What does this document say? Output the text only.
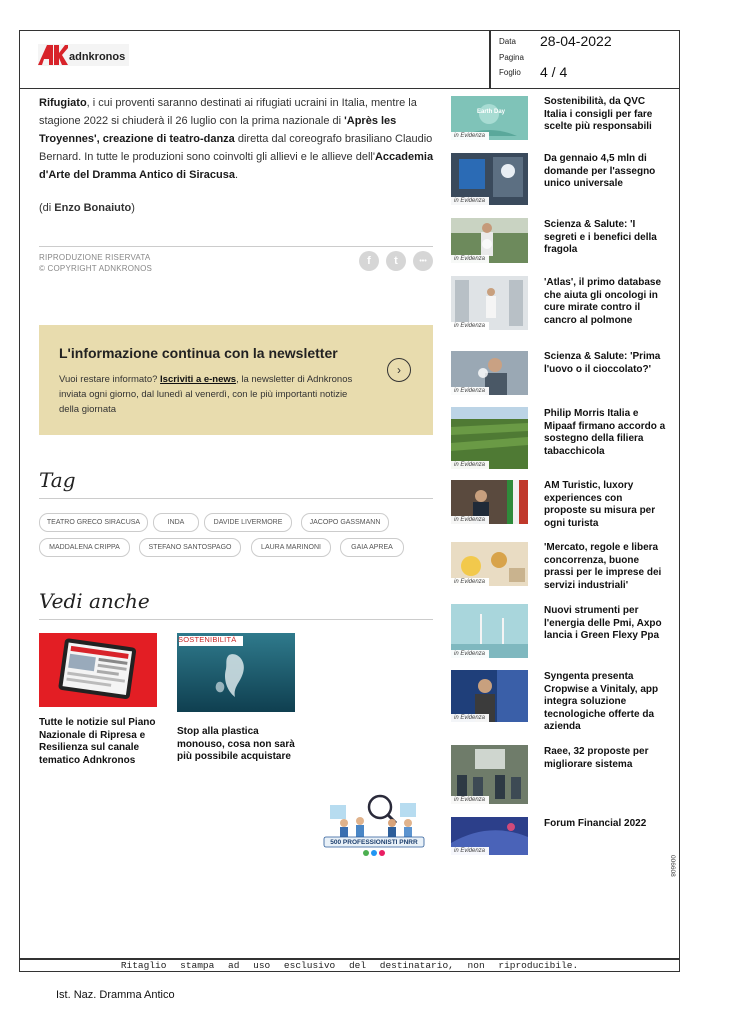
adnkronos
Data 28-04-2022
Pagina
Foglio 4 / 4
Rifugiato, i cui proventi saranno destinati ai rifugiati ucraini in Italia, mentre la stagione 2022 si chiuderà il 26 luglio con la prima nazionale di 'Après les Troyennes', creazione di teatro-danza diretta dal coreografo brasiliano Claudio Bernard. In tutte le produzioni sono coinvolti gli allievi e le allieve dell'Accademia d'Arte del Dramma Antico di Siracusa.
(di Enzo Bonaiuto)
RIPRODUZIONE RISERVATA
© COPYRIGHT ADNKRONOS
f	t	•••
L'informazione continua con la newsletter
Vuoi restare informato? Iscriviti a e-news, la newsletter di Adnkronos inviata ogni giorno, dal lunedì al venerdì, con le più importanti notizie della giornata
›
Tag
TEATRO GRECO SIRACUSA	INDA	DAVIDE LIVERMORE	JACOPO GASSMANN
MADDALENA CRIPPA	STEFANO SANTOSPAGO	LAURA MARINONI	GAIA APREA
Vedi anche
Tutte le notizie sul Piano Nazionale di Ripresa e Resilienza sul canale tematico Adnkronos
SOSTENIBILITÀ
Stop alla plastica monouso, cosa non sarà più possibile acquistare
500 PROFESSIONISTI PNRR
Earth Day
in Evidenza
Sostenibilità, da QVC Italia i consigli per fare scelte più responsabili
in Evidenza
Da gennaio 4,5 mln di domande per l'assegno unico universale
in Evidenza
Scienza & Salute: 'I segreti e i benefici della fragola
in Evidenza
'Atlas', il primo database che aiuta gli oncologi in cure mirate contro il cancro al polmone
in Evidenza
Scienza & Salute: 'Prima l'uovo o il cioccolato?'
in Evidenza
Philip Morris Italia e Mipaaf firmano accordo a sostegno della filiera tabacchicola
in Evidenza
AM Turistic, luxory experiences con proposte su misura per ogni turista
in Evidenza
'Mercato, regole e libera concorrenza, buone prassi per le imprese dei servizi industriali'
in Evidenza
Nuovi strumenti per l'energia delle Pmi, Axpo lancia i Green Flexy Ppa
in Evidenza
Syngenta presenta Cropwise a Vinitaly, app integra soluzione tecnologiche offerte da azienda
in Evidenza
Raee, 32 proposte per migliorare sistema
in Evidenza
Forum Financial 2022
006608
Ritaglio stampa ad uso esclusivo del destinatario, non riproducibile.
Ist. Naz. Dramma Antico
